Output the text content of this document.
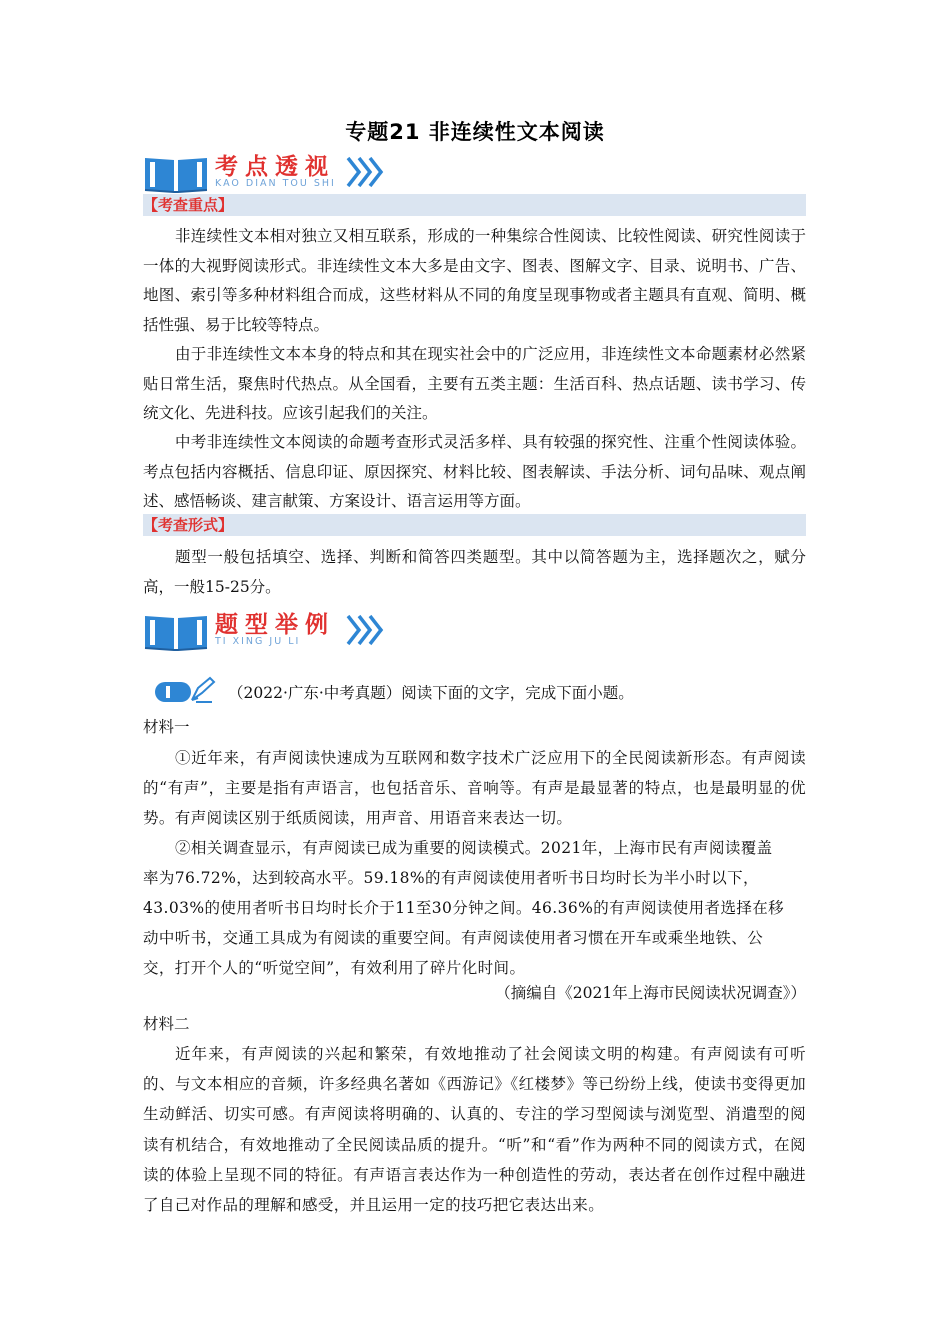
专题21 非连续性文本阅读
考点透视
KAO DIAN TOU SHI
【考查重点】

非连续性文本相对独立又相互联系，形成的一种集综合性阅读、比较性阅读、研究性阅读于一体的大视野阅读形式。非连续性文本大多是由文字、图表、图解文字、目录、说明书、广告、地图、索引等多种材料组合而成，这些材料从不同的角度呈现事物或者主题具有直观、简明、概括性强、易于比较等特点。

由于非连续性文本本身的特点和其在现实社会中的广泛应用，非连续性文本命题素材必然紧贴日常生活，聚焦时代热点。从全国看，主要有五类主题：生活百科、热点话题、读书学习、传统文化、先进科技。应该引起我们的关注。

中考非连续性文本阅读的命题考查形式灵活多样、具有较强的探究性、注重个性阅读体验。考点包括内容概括、信息印证、原因探究、材料比较、图表解读、手法分析、词句品味、观点阐述、感悟畅谈、建言献策、方案设计、语言运用等方面。

【考查形式】

题型一般包括填空、选择、判断和简答四类题型。其中以简答题为主，选择题次之，赋分高，一般15-25分。

题型举例
TI XING JU LI
（2022·广东·中考真题）阅读下面的文字，完成下面小题。
材料一

①近年来，有声阅读快速成为互联网和数字技术广泛应用下的全民阅读新形态。有声阅读的“有声”，主要是指有声语言，也包括音乐、音响等。有声是最显著的特点，也是最明显的优势。有声阅读区别于纸质阅读，用声音、用语音来表达一切。

②相关调查显示，有声阅读已成为重要的阅读模式。2021年，上海市民有声阅读覆盖

率为76.72%，达到较高水平。59.18%的有声阅读使用者听书日均时长为半小时以下，

43.03%的使用者听书日均时长介于11至30分钟之间。46.36%的有声阅读使用者选择在移

动中听书，交通工具成为有阅读的重要空间。有声阅读使用者习惯在开车或乘坐地铁、公

交，打开个人的“听觉空间”，有效利用了碎片化时间。

（摘编自《2021年上海市民阅读状况调查》）
材料二

近年来，有声阅读的兴起和繁荣，有效地推动了社会阅读文明的构建。有声阅读有可听的、与文本相应的音频，许多经典名著如《西游记》《红楼梦》等已纷纷上线，使读书变得更加生动鲜活、切实可感。有声阅读将明确的、认真的、专注的学习型阅读与浏览型、消遣型的阅读有机结合，有效地推动了全民阅读品质的提升。“听”和“看”作为两种不同的阅读方式，在阅读的体验上呈现不同的特征。有声语言表达作为一种创造性的劳动，表达者在创作过程中融进了自己对作品的理解和感受，并且运用一定的技巧把它表达出来。
